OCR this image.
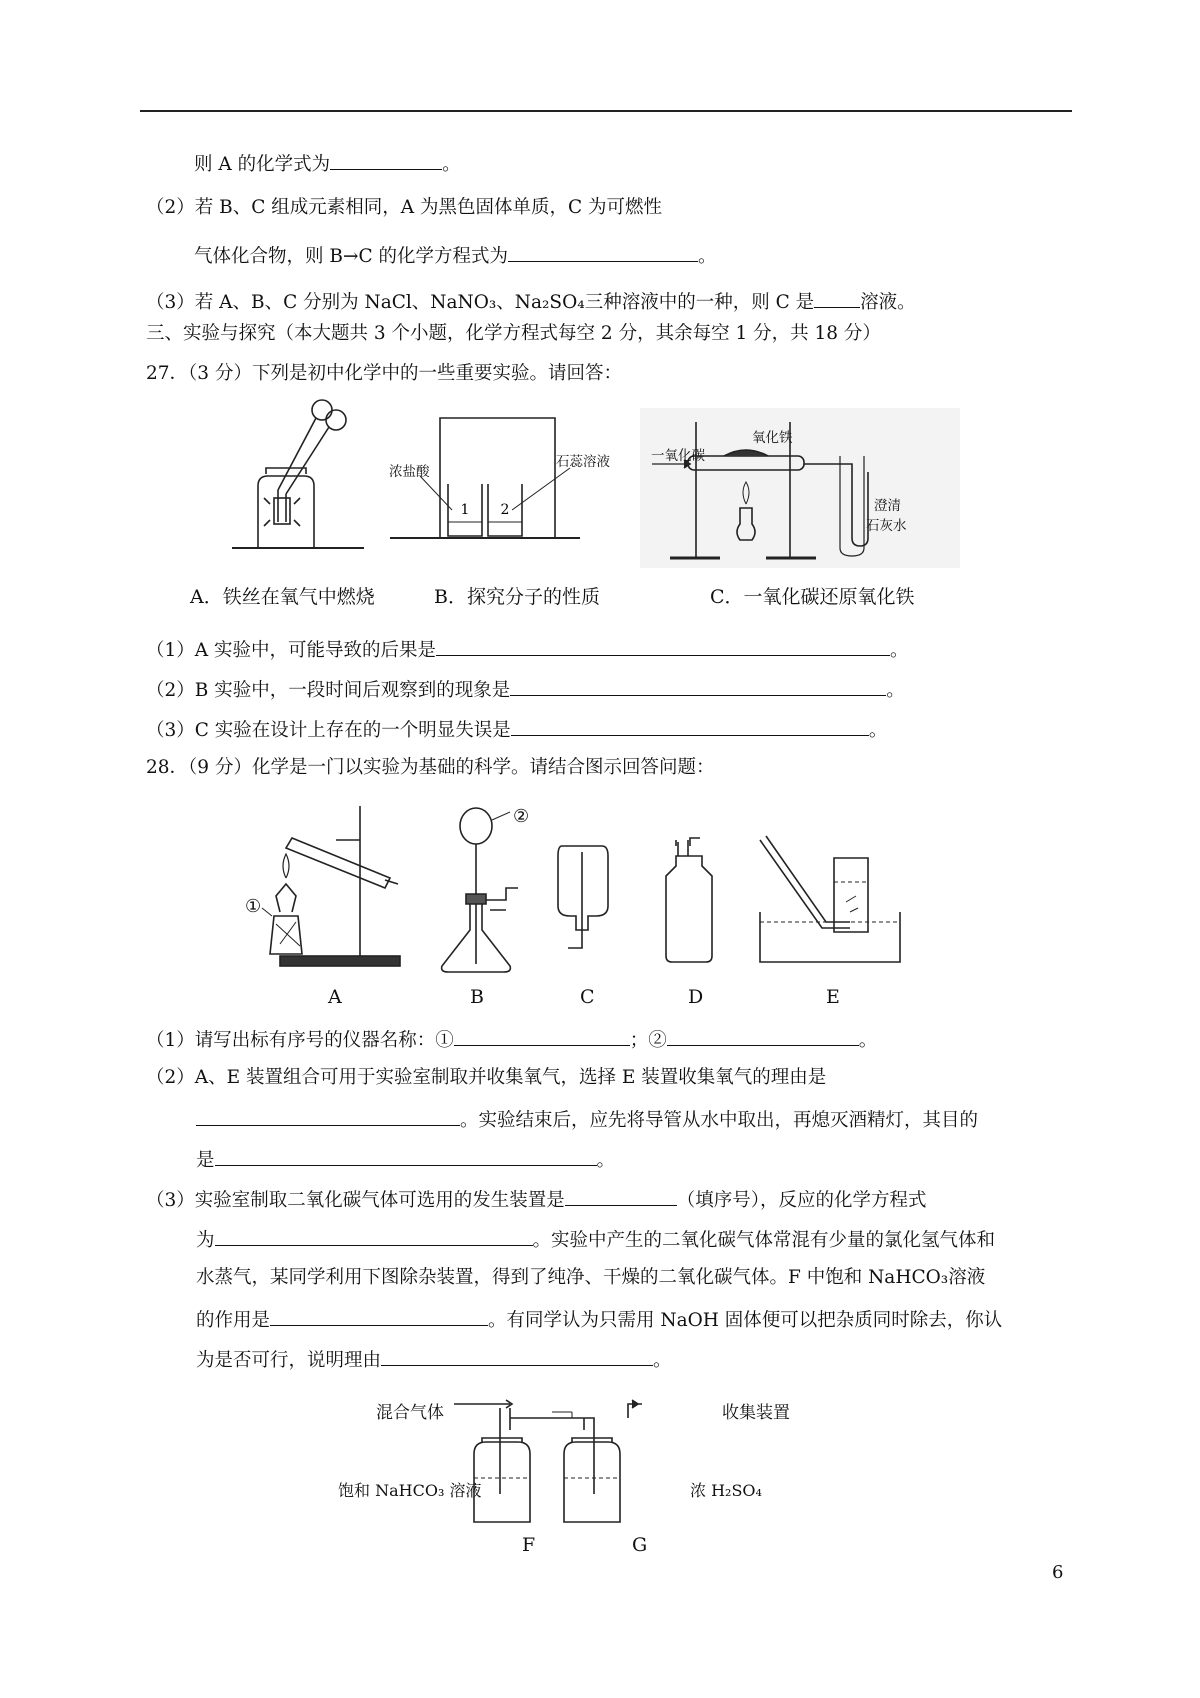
则 A 的化学式为	。
（2）若 B、C 组成元素相同，A 为黑色固体单质，C 为可燃性
气体化合物，则 B→C 的化学方程式为	。
（3）若 A、B、C 分别为 NaCl、NaNO₃、Na₂SO₄三种溶液中的一种，则 C 是 溶液。
三、实验与探究（本大题共 3 个小题，化学方程式每空 2 分，其余每空 1 分，共 18 分）
27．（3 分）下列是初中化学中的一些重要实验。请回答：
1 2
浓盐酸
石蕊溶液	一氧化碳
氧化铁
澄清
石灰水
A．铁丝在氧气中燃烧	B．探究分子的性质	C．一氧化碳还原氧化铁
（1）A 实验中，可能导致的后果是	。
（2）B 实验中，一段时间后观察到的现象是	。
（3）C 实验在设计上存在的一个明显失误是	。
28．（9 分）化学是一门以实验为基础的科学。请结合图示回答问题：
①
②
A	B	C	D	E
（1）请写出标有序号的仪器名称：①	；②	。
（2）A、E 装置组合可用于实验室制取并收集氧气，选择 E 装置收集氧气的理由是
。实验结束后，应先将导管从水中取出，再熄灭酒精灯，其目的
是	。
（3）实验室制取二氧化碳气体可选用的发生装置是	（填序号），反应的化学方程式
为	。实验中产生的二氧化碳气体常混有少量的氯化氢气体和
水蒸气，某同学利用下图除杂装置，得到了纯净、干燥的二氧化碳气体。F 中饱和 NaHCO₃溶液
的作用是	。有同学认为只需用 NaOH 固体便可以把杂质同时除去，你认
为是否可行，说明理由	。
混合气体	收集装置
饱和 NaHCO₃ 溶液	浓 H₂SO₄
F	G
6
